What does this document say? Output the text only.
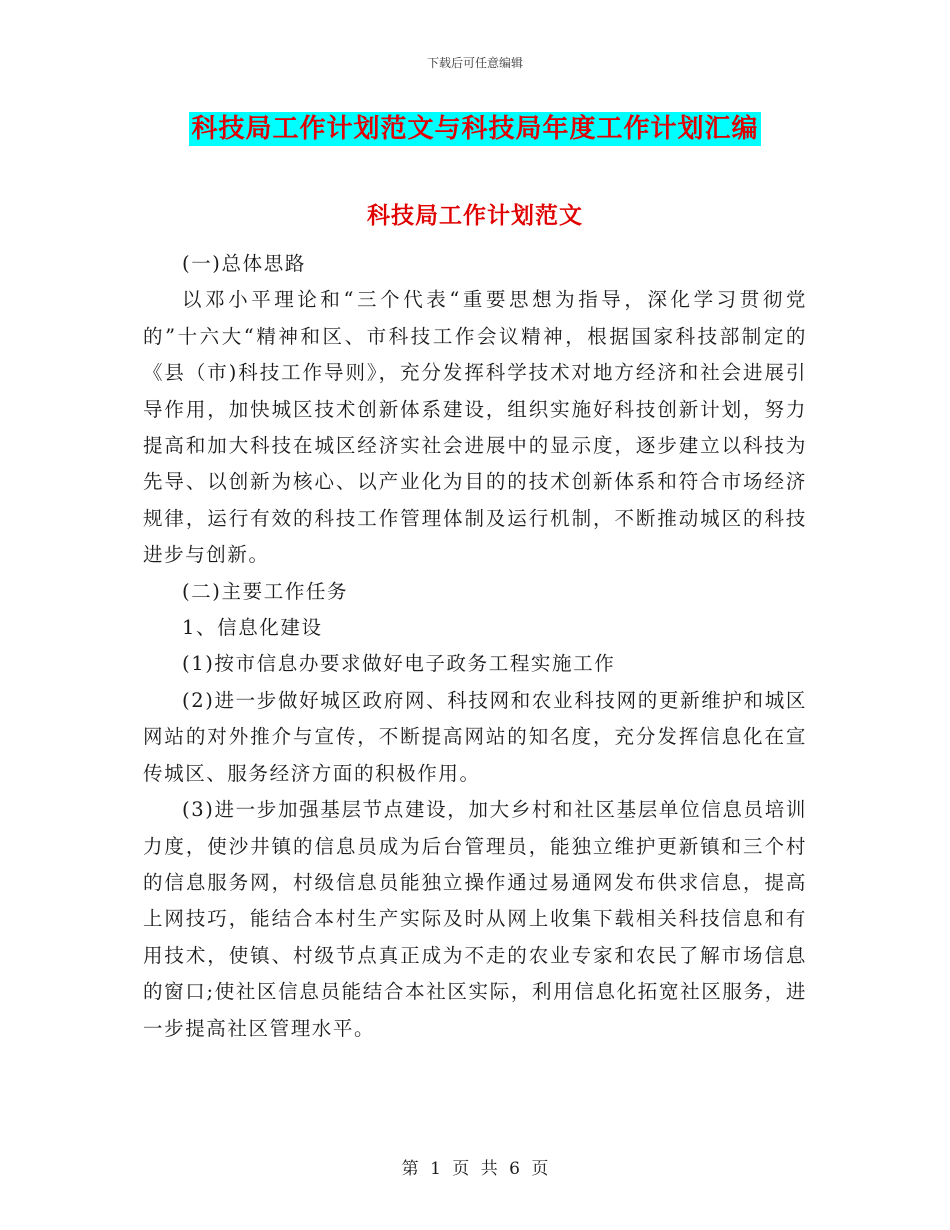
下载后可任意编辑
科技局工作计划范文与科技局年度工作计划汇编
科技局工作计划范文

(一)总体思路

以邓小平理论和“三个代表“重要思想为指导，深化学习贯彻党的”十六大“精神和区、市科技工作会议精神，根据国家科技部制定的《县（市)科技工作导则》，充分发挥科学技术对地方经济和社会进展引导作用，加快城区技术创新体系建设，组织实施好科技创新计划，努力提高和加大科技在城区经济实社会进展中的显示度，逐步建立以科技为先导、以创新为核心、以产业化为目的的技术创新体系和符合市场经济规律，运行有效的科技工作管理体制及运行机制，不断推动城区的科技进步与创新。

(二)主要工作任务

1、信息化建设

(1)按市信息办要求做好电子政务工程实施工作

(2)进一步做好城区政府网、科技网和农业科技网的更新维护和城区网站的对外推介与宣传，不断提高网站的知名度，充分发挥信息化在宣传城区、服务经济方面的积极作用。

(3)进一步加强基层节点建设，加大乡村和社区基层单位信息员培训力度，使沙井镇的信息员成为后台管理员，能独立维护更新镇和三个村的信息服务网，村级信息员能独立操作通过易通网发布供求信息，提高上网技巧，能结合本村生产实际及时从网上收集下载相关科技信息和有用技术，使镇、村级节点真正成为不走的农业专家和农民了解市场信息的窗口;使社区信息员能结合本社区实际，利用信息化拓宽社区服务，进一步提高社区管理水平。

第 1 页 共 6 页
